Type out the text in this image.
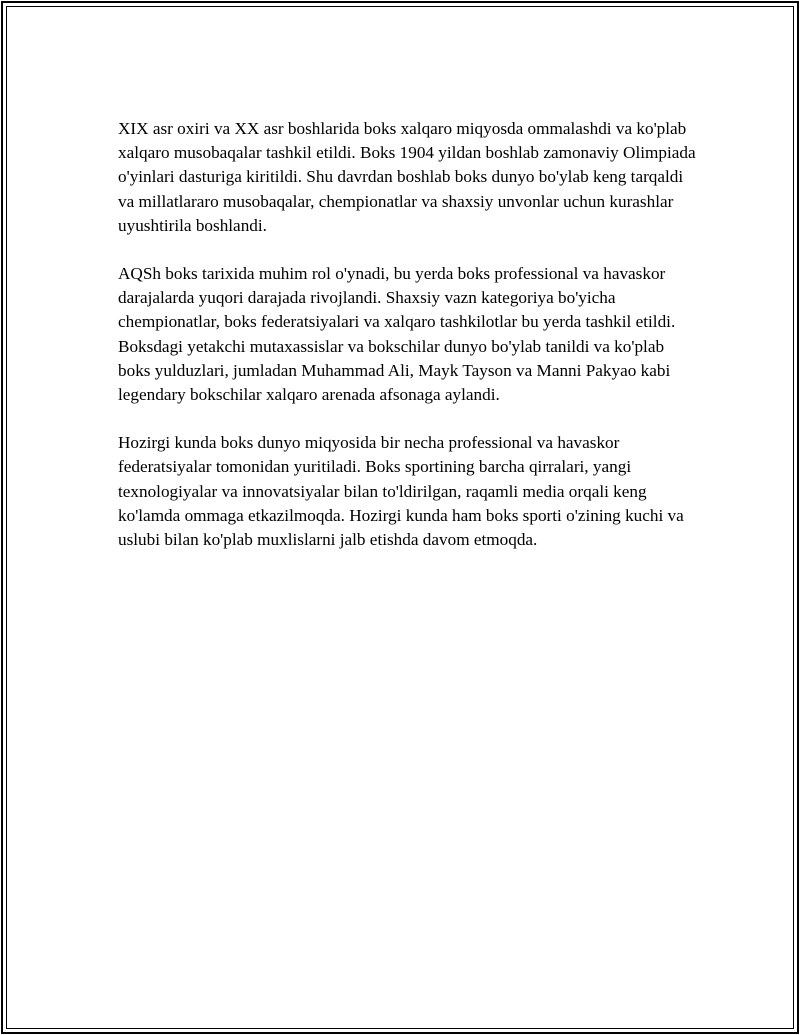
XIX asr oxiri va XX asr boshlarida boks xalqaro miqyosda ommalashdi va ko'plab xalqaro musobaqalar tashkil etildi. Boks 1904 yildan boshlab zamonaviy Olimpiada o'yinlari dasturiga kiritildi. Shu davrdan boshlab boks dunyo bo'ylab keng tarqaldi va millatlararo musobaqalar, chempionatlar va shaxsiy unvonlar uchun kurashlar uyushtirila boshlandi.

AQSh boks tarixida muhim rol o'ynadi, bu yerda boks professional va havaskor darajalarda yuqori darajada rivojlandi. Shaxsiy vazn kategoriya bo'yicha chempionatlar, boks federatsiyalari va xalqaro tashkilotlar bu yerda tashkil etildi. Boksdagi yetakchi mutaxassislar va bokschilar dunyo bo'ylab tanildi va ko'plab boks yulduzlari, jumladan Muhammad Ali, Mayk Tayson va Manni Pakyao kabi legendary bokschilar xalqaro arenada afsonaga aylandi.

Hozirgi kunda boks dunyo miqyosida bir necha professional va havaskor federatsiyalar tomonidan yuritiladi. Boks sportining barcha qirralari, yangi texnologiyalar va innovatsiyalar bilan to'ldirilgan, raqamli media orqali keng ko'lamda ommaga etkazilmoqda. Hozirgi kunda ham boks sporti o'zining kuchi va uslubi bilan ko'plab muxlislarni jalb etishda davom etmoqda.
